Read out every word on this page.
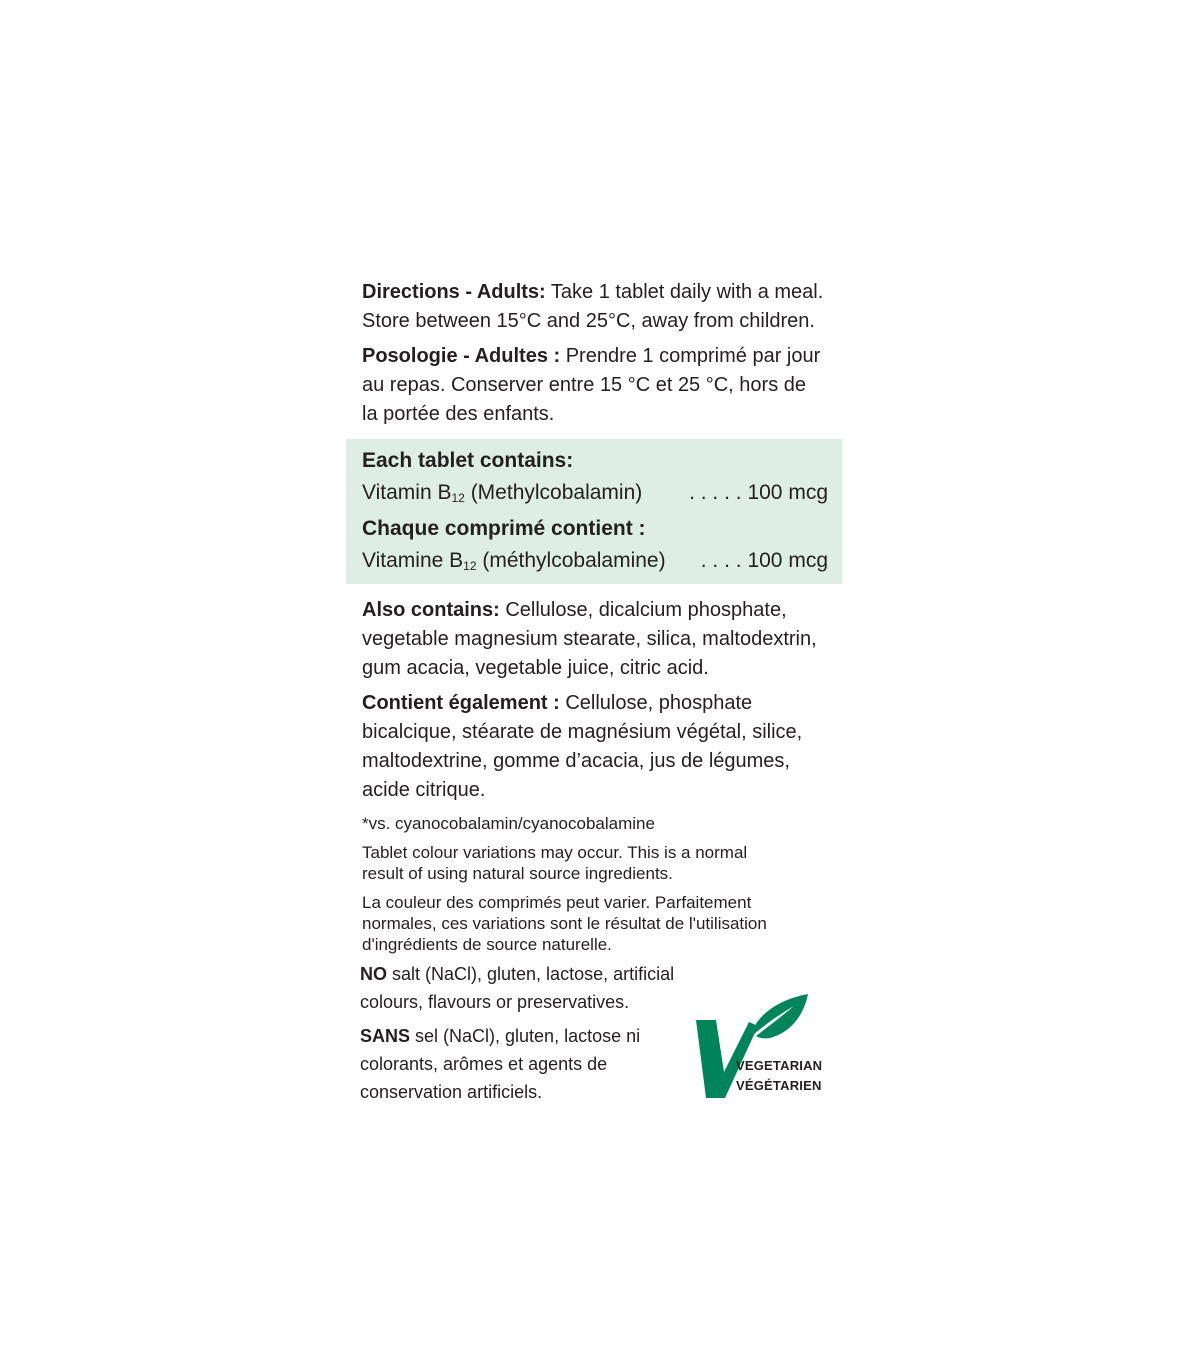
Directions - Adults: Take 1 tablet daily with a meal.

Store between 15°C and 25°C, away from children.

Posologie - Adultes : Prendre 1 comprimé par jour

au repas. Conserver entre 15 °C et 25 °C, hors de

la portée des enfants.

Each tablet contains:

Vitamin $B_{12}$ (Methylcobalamin) . . . . . 100 mcg

Chaque comprimé contient :

Vitamine $B_{12}$ (méthylcobalamine) . . . . 100 mcg

Also contains: Cellulose, dicalcium phosphate,

vegetable magnesium stearate, silica, maltodextrin,

gum acacia, vegetable juice, citric acid.

Contient également : Cellulose, phosphate

bicalcique, stéarate de magnésium végétal, silice,

maltodextrine, gomme d’acacia, jus de légumes,

acide citrique.

*vs. cyanocobalamin/cyanocobalamine

Tablet colour variations may occur. This is a normal

result of using natural source ingredients.

La couleur des comprimés peut varier. Parfaitement

normales, ces variations sont le résultat de l'utilisation

d'ingrédients de source naturelle.

NO salt (NaCl), gluten, lactose, artificial

colours, flavours or preservatives.

SANS sel (NaCl), gluten, lactose ni

colorants, arômes et agents de

conservation artificiels.

VEGETARIAN
VÉGÉTARIEN
